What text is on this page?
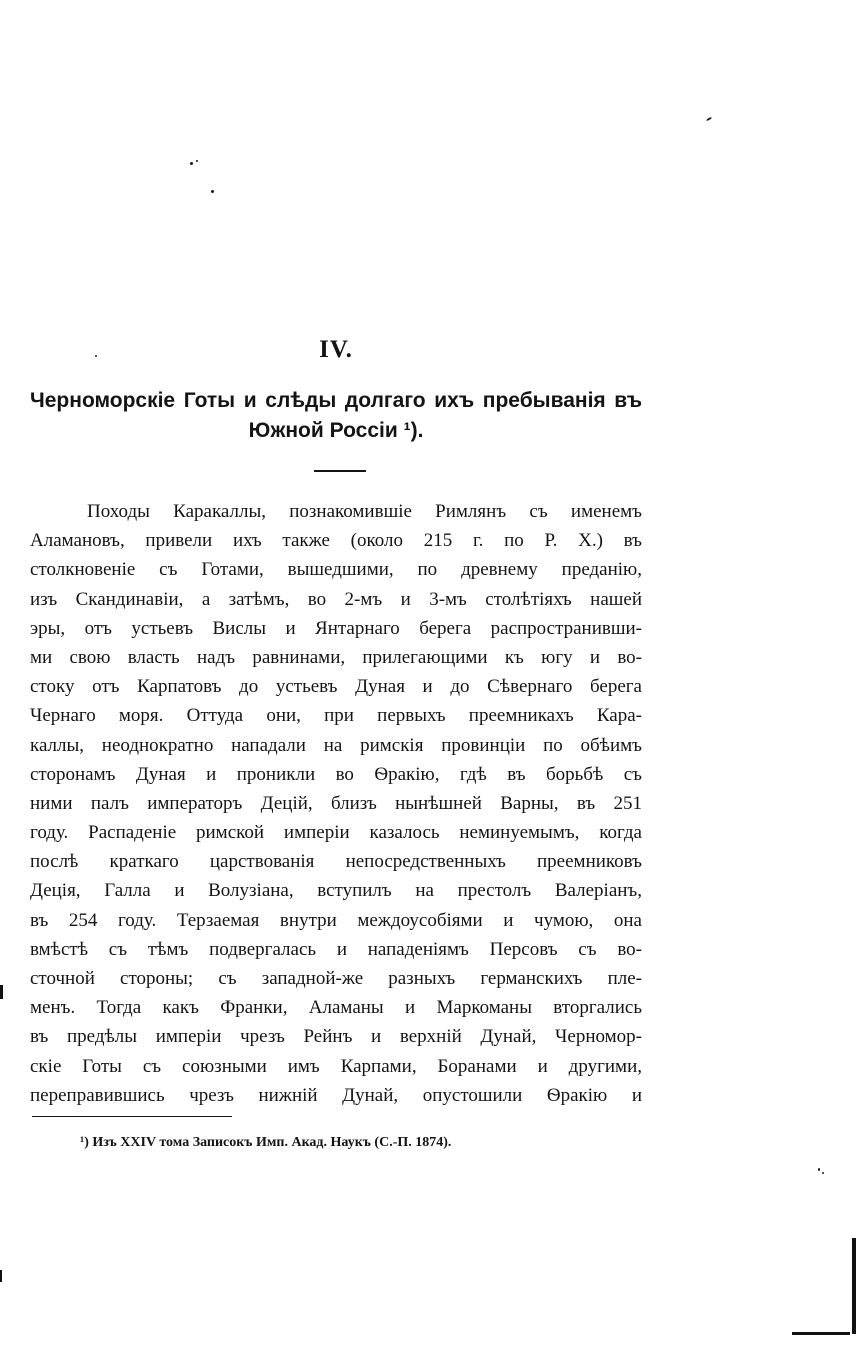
IV.
Черноморскіе Готы и слѣды долгаго ихъ пребыванія въ
Южной Россіи ¹).
Походы Каракаллы, познакомившіе Римлянъ съ именемъ
Аламановъ, привели ихъ также (около 215 г. по Р. Х.) въ
столкновеніе съ Готами, вышедшими, по древнему преданію,
изъ Скандинавіи, а затѣмъ, во 2-мъ и 3-мъ столѣтіяхъ нашей
эры, отъ устьевъ Вислы и Янтарнаго берега распространивши-
ми свою власть надъ равнинами, прилегающими къ югу и во-
стоку отъ Карпатовъ до устьевъ Дуная и до Сѣвернаго берега
Чернаго моря. Оттуда они, при первыхъ преемникахъ Кара-
каллы, неоднократно нападали на римскія провинціи по обѣимъ
сторонамъ Дуная и проникли во Ѳракію, гдѣ въ борьбѣ съ
ними палъ императоръ Децій, близъ нынѣшней Варны, въ 251
году. Распаденіе римской имперіи казалось неминуемымъ, когда
послѣ краткаго царствованія непосредственныхъ преемниковъ
Деція, Галла и Волузіана, вступилъ на престолъ Валеріанъ,
въ 254 году. Терзаемая внутри междоусобіями и чумою, она
вмѣстѣ съ тѣмъ подвергалась и нападеніямъ Персовъ съ во-
сточной стороны; съ западной-же разныхъ германскихъ пле-
менъ. Тогда какъ Франки, Аламаны и Маркоманы вторгались
въ предѣлы имперіи чрезъ Рейнъ и верхній Дунай, Черномор-
скіе Готы съ союзными имъ Карпами, Боранами и другими,
переправившись чрезъ нижній Дунай, опустошили Ѳракію и
¹) Изъ XXIV тома Записокъ Имп. Акад. Наукъ (С.-П. 1874).
